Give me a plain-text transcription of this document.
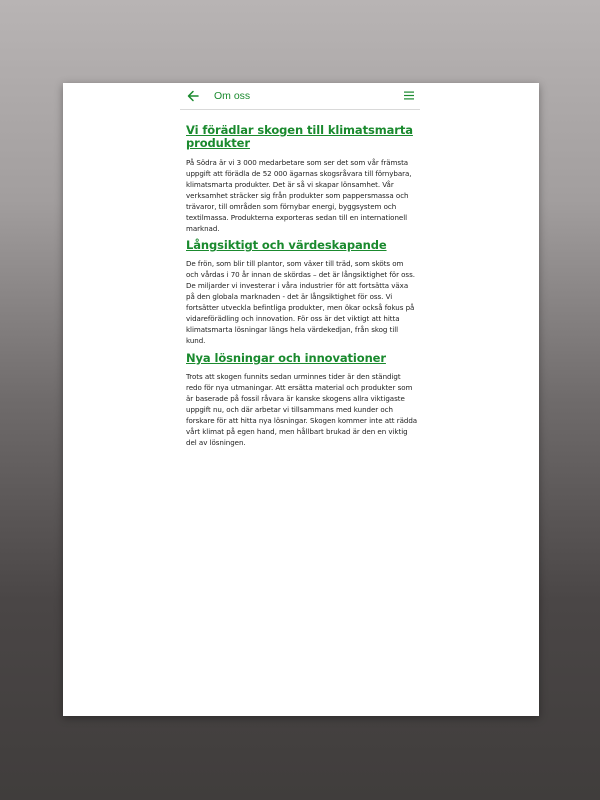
Om oss
Vi förädlar skogen till klimatsmarta produkter

På Södra är vi 3 000 medarbetare som ser det som vår främsta uppgift att förädla de 52 000 ägarnas skogsråvara till förnybara, klimatsmarta produkter. Det är så vi skapar lönsamhet. Vår verksamhet sträcker sig från produkter som pappersmassa och trävaror, till områden som förnybar energi, byggsystem och textilmassa. Produkterna exporteras sedan till en internationell marknad.

Långsiktigt och värdeskapande

De frön, som blir till plantor, som växer till träd, som sköts om och vårdas i 70 år innan de skördas – det är långsiktighet för oss. De miljarder vi investerar i våra industrier för att fortsätta växa på den globala marknaden - det är långsiktighet för oss. Vi fortsätter utveckla befintliga produkter, men ökar också fokus på vidareförädling och innovation. För oss är det viktigt att hitta klimatsmarta lösningar längs hela värdekedjan, från skog till kund.

Nya lösningar och innovationer

Trots att skogen funnits sedan urminnes tider är den ständigt redo för nya utmaningar. Att ersätta material och produkter som är baserade på fossil råvara är kanske skogens allra viktigaste uppgift nu, och där arbetar vi tillsammans med kunder och forskare för att hitta nya lösningar. Skogen kommer inte att rädda vårt klimat på egen hand, men hållbart brukad är den en viktig del av lösningen.
